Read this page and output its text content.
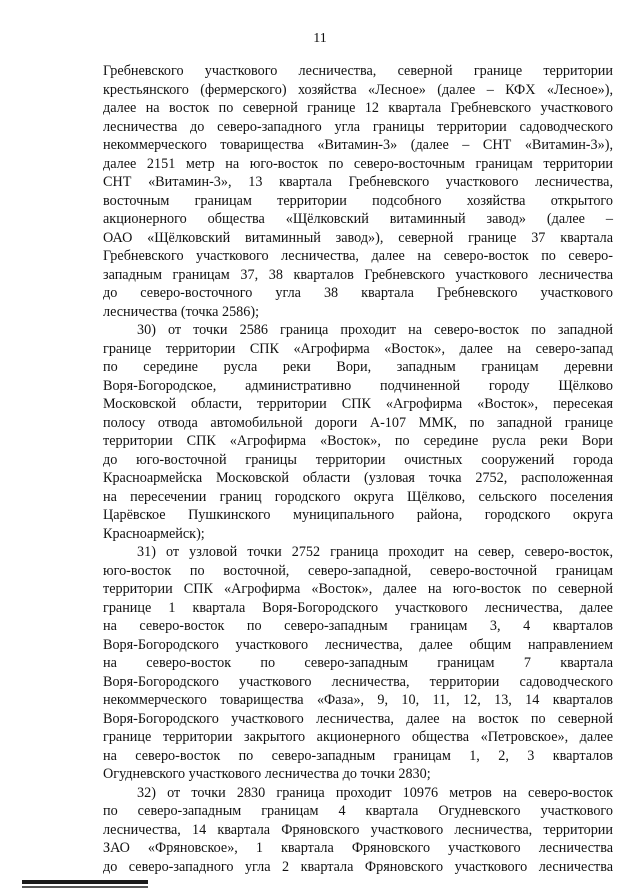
11
Гребневского участкового лесничества, северной границе территории
крестьянского (фермерского) хозяйства «Лесное» (далее – КФХ «Лесное»),
далее на восток по северной границе 12 квартала Гребневского участкового
лесничества до северо-западного угла границы территории садоводческого
некоммерческого товарищества «Витамин-3» (далее – СНТ «Витамин-3»),
далее 2151 метр на юго-восток по северо-восточным границам территории
СНТ «Витамин-3», 13 квартала Гребневского участкового лесничества,
восточным границам территории подсобного хозяйства открытого
акционерного общества «Щёлковский витаминный завод» (далее –
ОАО «Щёлковский витаминный завод»), северной границе 37 квартала
Гребневского участкового лесничества, далее на северо-восток по северо-
западным границам 37, 38 кварталов Гребневского участкового лесничества
до северо-восточного угла 38 квартала Гребневского участкового
лесничества (точка 2586);
30) от точки 2586 граница проходит на северо-восток по западной
границе территории СПК «Агрофирма «Восток», далее на северо-запад
по середине русла реки Вори, западным границам деревни
Воря-Богородское, административно подчиненной городу Щёлково
Московской области, территории СПК «Агрофирма «Восток», пересекая
полосу отвода автомобильной дороги А-107 ММК, по западной границе
территории СПК «Агрофирма «Восток», по середине русла реки Вори
до юго-восточной границы территории очистных сооружений города
Красноармейска Московской области (узловая точка 2752, расположенная
на пересечении границ городского округа Щёлково, сельского поселения
Царёвское Пушкинского муниципального района, городского округа
Красноармейск);
31) от узловой точки 2752 граница проходит на север, северо-восток,
юго-восток по восточной, северо-западной, северо-восточной границам
территории СПК «Агрофирма «Восток», далее на юго-восток по северной
границе 1 квартала Воря-Богородского участкового лесничества, далее
на северо-восток по северо-западным границам 3, 4 кварталов
Воря-Богородского участкового лесничества, далее общим направлением
на северо-восток по северо-западным границам 7 квартала
Воря-Богородского участкового лесничества, территории садоводческого
некоммерческого товарищества «Фаза», 9, 10, 11, 12, 13, 14 кварталов
Воря-Богородского участкового лесничества, далее на восток по северной
границе территории закрытого акционерного общества «Петровское», далее
на северо-восток по северо-западным границам 1, 2, 3 кварталов
Огудневского участкового лесничества до точки 2830;
32) от точки 2830 граница проходит 10976 метров на северо-восток
по северо-западным границам 4 квартала Огудневского участкового
лесничества, 14 квартала Фряновского участкового лесничества, территории
ЗАО «Фряновское», 1 квартала Фряновского участкового лесничества
до северо-западного угла 2 квартала Фряновского участкового лесничества
